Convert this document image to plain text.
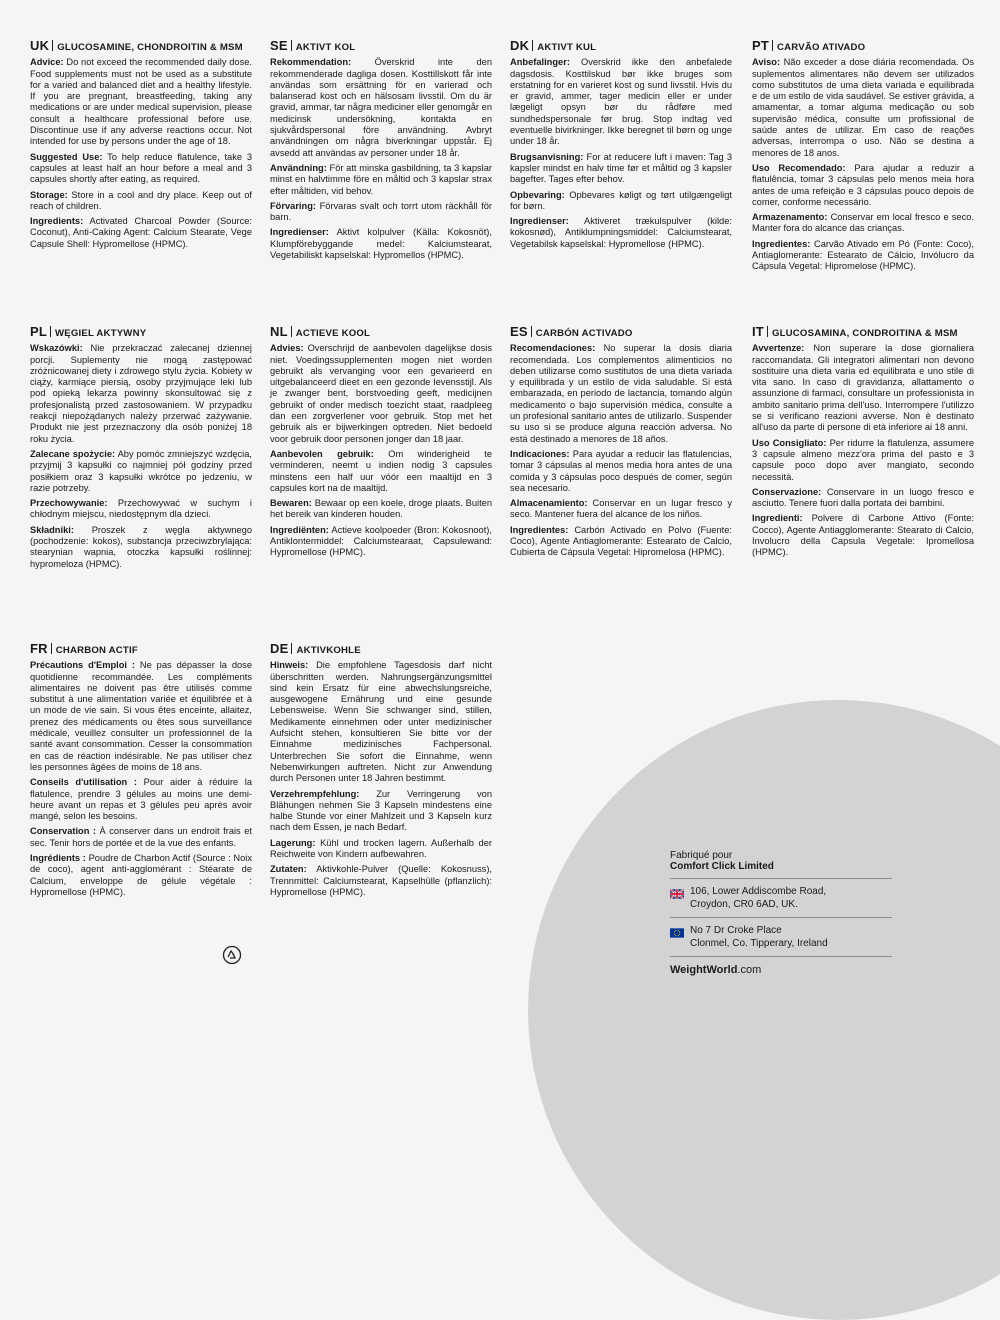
UK GLUCOSAMINE, CHONDROITIN & MSM
Advice: Do not exceed the recommended daily dose. Food supplements must not be used as a substitute for a varied and balanced diet and a healthy lifestyle. If you are pregnant, breastfeeding, taking any medications or are under medical supervision, please consult a healthcare professional before use. Discontinue use if any adverse reactions occur. Not intended for use by persons under the age of 18.
Suggested Use: To help reduce flatulence, take 3 capsules at least half an hour before a meal and 3 capsules shortly after eating, as required.
Storage: Store in a cool and dry place. Keep out of reach of children.
Ingredients: Activated Charcoal Powder (Source: Coconut), Anti-Caking Agent: Calcium Stearate, Vege Capsule Shell: Hypromellose (HPMC).
SE AKTIVT KOL
Rekommendation: Överskrid inte den rekommenderade dagliga dosen. Kosttillskott får inte användas som ersättning för en varierad och balanserad kost och en hälsosam livsstil. Om du är gravid, ammar, tar några mediciner eller genomgår en medicinsk undersökning, kontakta en sjukvårdspersonal före användning. Avbryt användningen om några biverkningar uppstår. Ej avsedd att användas av personer under 18 år.
Användning: För att minska gasbildning, ta 3 kapslar minst en halvtimme före en måltid och 3 kapslar strax efter måltiden, vid behov.
Förvaring: Förvaras svalt och torrt utom räckhåll för barn.
Ingredienser: Aktivt kolpulver (Källa: Kokosnöt), Klumpförebyggande medel: Kalciumstearat, Vegetabiliskt kapselskal: Hypromellos (HPMC).
DK AKTIVT KUL
Anbefalinger: Overskrid ikke den anbefalede dagsdosis. Kosttilskud bør ikke bruges som erstatning for en varieret kost og sund livsstil. Hvis du er gravid, ammer, tager medicin eller er under lægeligt opsyn bør du rådføre med sundhedspersonale før brug. Stop indtag ved eventuelle bivirkninger. Ikke beregnet til børn og unge under 18 år.
Brugsanvisning: For at reducere luft i maven: Tag 3 kapsler mindst en halv time før et måltid og 3 kapsler bagefter. Tages efter behov.
Opbevaring: Opbevares køligt og tørt utilgængeligt for børn.
Ingredienser: Aktiveret trækulspulver (kilde: kokosnød), Antiklumpningsmiddel: Calciumstearat, Vegetabilsk kapselskal: Hypromellose (HPMC).
PT CARVÃO ATIVADO
Aviso: Não exceder a dose diária recomendada. Os suplementos alimentares não devem ser utilizados como substitutos de uma dieta variada e equilibrada e de um estilo de vida saudável. Se estiver grávida, a amamentar, a tomar alguma medicação ou sob supervisão médica, consulte um profissional de saúde antes de utilizar. Em caso de reações adversas, interrompa o uso. Não se destina a menores de 18 anos.
Uso Recomendado: Para ajudar a reduzir a flatulência, tomar 3 cápsulas pelo menos meia hora antes de uma refeição e 3 cápsulas pouco depois de comer, conforme necessário.
Armazenamento: Conservar em local fresco e seco. Manter fora do alcance das crianças.
Ingredientes: Carvão Ativado em Pó (Fonte: Coco), Antiaglomerante: Estearato de Cálcio, Invólucro da Cápsula Vegetal: Hipromelose (HPMC).
PL WĘGIEL AKTYWNY
Wskazówki: Nie przekraczać zalecanej dziennej porcji. Suplementy nie mogą zastępować zróżnicowanej diety i zdrowego stylu życia. Kobiety w ciąży, karmiące piersią, osoby przyjmujące leki lub pod opieką lekarza powinny skonsultować się z profesjonalistą przed zastosowaniem. W przypadku reakcji niepożądanych należy przerwać zażywanie. Produkt nie jest przeznaczony dla osób poniżej 18 roku życia.
Zalecane spożycie: Aby pomóc zmniejszyć wzdęcia, przyjmij 3 kapsułki co najmniej pół godziny przed posiłkiem oraz 3 kapsułki wkrótce po jedzeniu, w razie potrzeby.
Przechowywanie: Przechowywać w suchym i chłodnym miejscu, niedostępnym dla dzieci.
Składniki: Proszek z węgla aktywnego (pochodzenie: kokos), substancja przeciwzbrylająca: stearynian wapnia, otoczka kapsułki roślinnej: hypromeloza (HPMC).
NL ACTIEVE KOOL
Advies: Overschrijd de aanbevolen dagelijkse dosis niet. Voedingssupplementen mogen niet worden gebruikt als vervanging voor een gevarieerd en uitgebalanceerd dieet en een gezonde levensstijl. Als je zwanger bent, borstvoeding geeft, medicijnen gebruikt of onder medisch toezicht staat, raadpleeg dan een zorgverlener voor gebruik. Stop met het gebruik als er bijwerkingen optreden. Niet bedoeld voor gebruik door personen jonger dan 18 jaar.
Aanbevolen gebruik: Om winderigheid te verminderen, neemt u indien nodig 3 capsules minstens een half uur vóór een maaltijd en 3 capsules kort na de maaltijd.
Bewaren: Bewaar op een koele, droge plaats. Buiten het bereik van kinderen houden.
Ingrediënten: Actieve koolpoeder (Bron: Kokosnoot), Antiklontermiddel: Calciumstearaat, Capsulewand: Hypromellose (HPMC).
ES CARBÓN ACTIVADO
Recomendaciones: No superar la dosis diaria recomendada. Los complementos alimenticios no deben utilizarse como sustitutos de una dieta variada y equilibrada y un estilo de vida saludable. Si está embarazada, en periodo de lactancia, tomando algún medicamento o bajo supervisión médica, consulte a un profesional sanitario antes de utilizarlo. Suspender su uso si se produce alguna reacción adversa. No está destinado a menores de 18 años.
Indicaciones: Para ayudar a reducir las flatulencias, tomar 3 cápsulas al menos media hora antes de una comida y 3 cápsulas poco después de comer, según sea necesario.
Almacenamiento: Conservar en un lugar fresco y seco. Mantener fuera del alcance de los niños.
Ingredientes: Carbón Activado en Polvo (Fuente: Coco), Agente Antiaglomerante: Estearato de Calcio, Cubierta de Cápsula Vegetal: Hipromelosa (HPMC).
IT GLUCOSAMINA, CONDROITINA & MSM
Avvertenze: Non superare la dose giornaliera raccomandata. Gli integratori alimentari non devono sostituire una dieta varia ed equilibrata e uno stile di vita sano. In caso di gravidanza, allattamento o assunzione di farmaci, consultare un professionista in ambito sanitario prima dell'uso. Interrompere l'utilizzo se si verificano reazioni avverse. Non è destinato all'uso da parte di persone di età inferiore ai 18 anni.
Uso Consigliato: Per ridurre la flatulenza, assumere 3 capsule almeno mezz'ora prima del pasto e 3 capsule poco dopo aver mangiato, secondo necessità.
Conservazione: Conservare in un luogo fresco e asciutto. Tenere fuori dalla portata dei bambini.
Ingredienti: Polvere di Carbone Attivo (Fonte: Cocco), Agente Antiagglomerante: Stearato di Calcio, Involucro della Capsula Vegetale: Ipromellosa (HPMC).
FR CHARBON ACTIF
Précautions d'Emploi : Ne pas dépasser la dose quotidienne recommandée. Les compléments alimentaires ne doivent pas être utilisés comme substitut à une alimentation variée et équilibrée et à un mode de vie sain. Si vous êtes enceinte, allaitez, prenez des médicaments ou êtes sous surveillance médicale, veuillez consulter un professionnel de la santé avant consommation. Cesser la consommation en cas de réaction indésirable. Ne pas utiliser chez les personnes âgées de moins de 18 ans.
Conseils d'utilisation : Pour aider à réduire la flatulence, prendre 3 gélules au moins une demi-heure avant un repas et 3 gélules peu après avoir mangé, selon les besoins.
Conservation : À conserver dans un endroit frais et sec. Tenir hors de portée et de la vue des enfants.
Ingrédients : Poudre de Charbon Actif (Source : Noix de coco), agent anti-agglomérant : Stéarate de Calcium, enveloppe de gélule végétale : Hypromellose (HPMC).
DE AKTIVKOHLE
Hinweis: Die empfohlene Tagesdosis darf nicht überschritten werden. Nahrungsergänzungsmittel sind kein Ersatz für eine abwechslungsreiche, ausgewogene Ernährung und eine gesunde Lebensweise. Wenn Sie schwanger sind, stillen, Medikamente einnehmen oder unter medizinischer Aufsicht stehen, konsultieren Sie bitte vor der Einnahme medizinisches Fachpersonal. Unterbrechen Sie sofort die Einnahme, wenn Nebenwirkungen auftreten. Nicht zur Anwendung durch Personen unter 18 Jahren bestimmt.
Verzehrempfehlung: Zur Verringerung von Blähungen nehmen Sie 3 Kapseln mindestens eine halbe Stunde vor einer Mahlzeit und 3 Kapseln kurz nach dem Essen, je nach Bedarf.
Lagerung: Kühl und trocken lagern. Außerhalb der Reichweite von Kindern aufbewahren.
Zutaten: Aktivkohle-Pulver (Quelle: Kokosnuss), Trennmittel: Calciumstearat, Kapselhülle (pflanzlich): Hypromellose (HPMC).
Fabriqué pour
Comfort Click Limited
106, Lower Addiscombe Road,
Croydon, CR0 6AD, UK.
No 7 Dr Croke Place
Clonmel, Co. Tipperary, Ireland
WeightWorld.com
